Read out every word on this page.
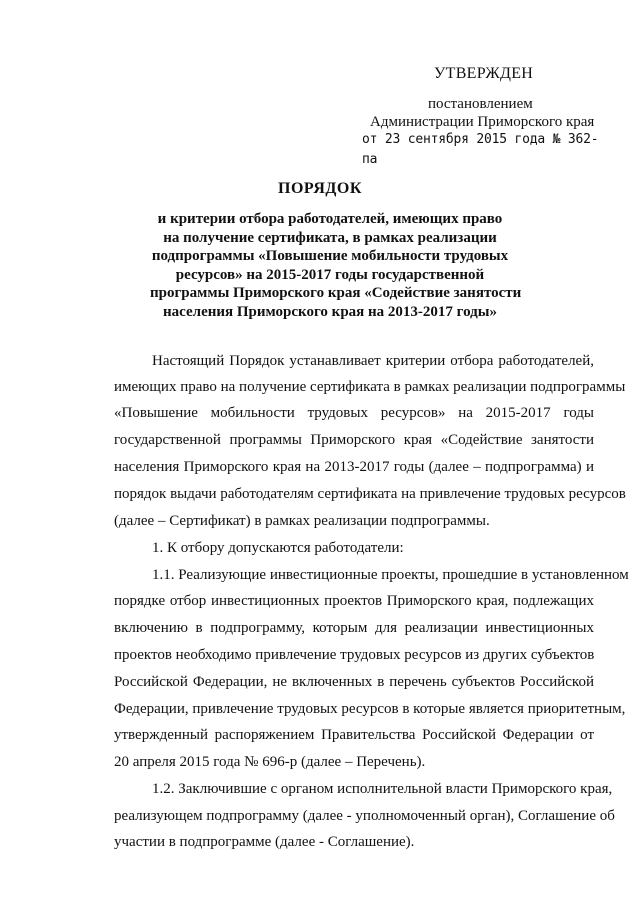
УТВЕРЖДЕН
постановлением
Администрации Приморского края
от 23 сентября 2015 года № 362-па
ПОРЯДОК
и критерии отбора работодателей, имеющих право
на получение сертификата, в рамках реализации
подпрограммы «Повышение мобильности трудовых
ресурсов» на 2015-2017 годы государственной
программы Приморского края «Содействие занятости
населения Приморского края на 2013-2017 годы»
Настоящий Порядок устанавливает критерии отбора работодателей,
имеющих право на получение сертификата в рамках реализации подпрограммы
«Повышение мобильности трудовых ресурсов» на 2015-2017 годы
государственной программы Приморского края «Содействие занятости
населения Приморского края на 2013-2017 годы (далее – подпрограмма) и
порядок выдачи работодателям сертификата на привлечение трудовых ресурсов
(далее – Сертификат) в рамках реализации подпрограммы.
1. К отбору допускаются работодатели:
1.1. Реализующие инвестиционные проекты, прошедшие в установленном
порядке отбор инвестиционных проектов Приморского края, подлежащих
включению в подпрограмму, которым для реализации инвестиционных
проектов необходимо привлечение трудовых ресурсов из других субъектов
Российской Федерации, не включенных в перечень субъектов Российской
Федерации, привлечение трудовых ресурсов в которые является приоритетным,
утвержденный распоряжением Правительства Российской Федерации от
20 апреля 2015 года № 696-р (далее – Перечень).
1.2. Заключившие с органом исполнительной власти Приморского края,
реализующем подпрограмму (далее - уполномоченный орган), Соглашение об
участии в подпрограмме (далее - Соглашение).
